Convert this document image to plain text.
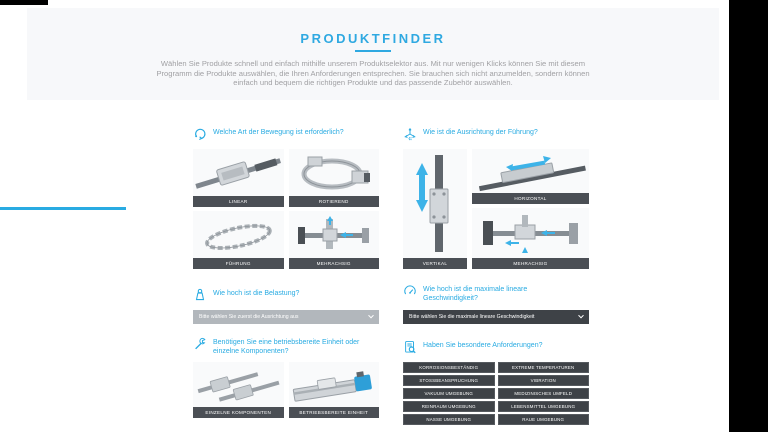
PRODUKTFINDER

Wählen Sie Produkte schnell und einfach mithilfe unserem Produktselektor aus. Mit nur wenigen Klicks können Sie mit diesem Programm die Produkte auswählen, die Ihren Anforderungen entsprechen. Sie brauchen sich nicht anzumelden, sondern können einfach und bequem die richtigen Produkte und das passende Zubehör auswählen.

Welche Art der Bewegung ist erforderlich?
LINEAR	ROTIEREND
FÜHRUNG	MEHRACHSIG
Wie ist die Ausrichtung der Führung?
VERTIKAL
HORIZONTAL
MEHRACHSIG
Wie hoch ist die Belastung?
Bitte wählen Sie zuerst die Ausrichtung aus
Wie hoch ist die maximale lineare Geschwindigkeit?
Bitte wählen Sie die maximale lineare Geschwindigkeit
Benötigen Sie eine betriebsbereite Einheit oder einzelne Komponenten?
EINZELNE KOMPONENTEN	BETRIEBSBEREITE EINHEIT
Haben Sie besondere Anforderungen?
KORROSIONSBESTÄNDIG	EXTREME TEMPERATUREN
STOSSBEANSPRUCHUNG	VIBRATION
VAKUUM UMGEBUNG	MEDIZINISCHES UMFELD
REINRAUM UMGEBUNG	LEBENSMITTEL UMGEBUNG
NASSE UMGEBUNG	RAUE UMGEBUNG
